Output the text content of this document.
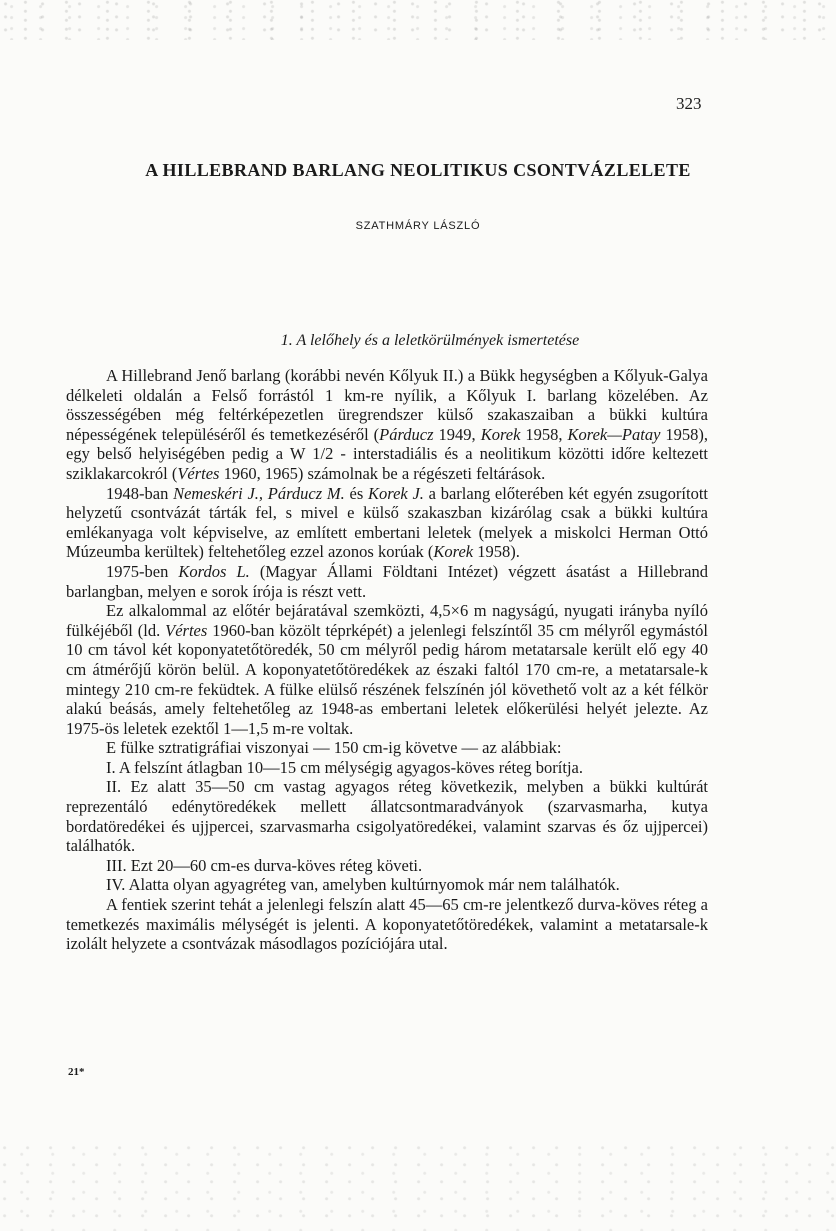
323
A HILLEBRAND BARLANG NEOLITIKUS CSONTVÁZLELETE
SZATHMÁRY LÁSZLÓ
1. A lelőhely és a leletkörülmények ismertetése

A Hillebrand Jenő barlang (korábbi nevén Kőlyuk II.) a Bükk hegységben a Kőlyuk-Galya délkeleti oldalán a Felső forrástól 1 km-re nyílik, a Kőlyuk I. barlang közelében. Az összességében még feltérképezetlen üregrendszer külső szakaszaiban a bükki kultúra népességének településéről és temetkezéséről (Párducz 1949, Korek 1958, Korek—Patay 1958), egy belső helyiségében pedig a W 1/2 - interstadiális és a neolitikum közötti időre keltezett sziklakarcokról (Vértes 1960, 1965) számolnak be a régészeti feltárások.

1948-ban Nemeskéri J., Párducz M. és Korek J. a barlang előterében két egyén zsugorított helyzetű csontvázát tárták fel, s mivel e külső szakaszban kizárólag csak a bükki kultúra emlékanyaga volt képviselve, az említett embertani leletek (melyek a miskolci Herman Ottó Múzeumba kerültek) feltehetőleg ezzel azonos korúak (Korek 1958).

1975-ben Kordos L. (Magyar Állami Földtani Intézet) végzett ásatást a Hillebrand barlangban, melyen e sorok írója is részt vett.

Ez alkalommal az előtér bejáratával szemközti, 4,5×6 m nagyságú, nyugati irányba nyíló fülkéjéből (ld. Vértes 1960-ban közölt téprképét) a jelenlegi felszíntől 35 cm mélyről egymástól 10 cm távol két koponyatetőtöredék, 50 cm mélyről pedig három metatarsale került elő egy 40 cm átmérőjű körön belül. A koponyatetőtöredékek az északi faltól 170 cm-re, a metatarsale-k mintegy 210 cm-re feküdtek. A fülke elülső részének felszínén jól követhető volt az a két félkör alakú beásás, amely feltehetőleg az 1948-as embertani leletek előkerülési helyét jelezte. Az 1975-ös leletek ezektől 1—1,5 m-re voltak.

E fülke sztratigráfiai viszonyai — 150 cm-ig követve — az alábbiak:

I. A felszínt átlagban 10—15 cm mélységig agyagos-köves réteg borítja.

II. Ez alatt 35—50 cm vastag agyagos réteg következik, melyben a bükki kultúrát reprezentáló edénytöredékek mellett állatcsontmaradványok (szarvasmarha, kutya bordatöredékei és ujjpercei, szarvasmarha csigolyatöredékei, valamint szarvas és őz ujjpercei) találhatók.

III. Ezt 20—60 cm-es durva-köves réteg követi.

IV. Alatta olyan agyagréteg van, amelyben kultúrnyomok már nem találhatók.

A fentiek szerint tehát a jelenlegi felszín alatt 45—65 cm-re jelentkező durva-köves réteg a temetkezés maximális mélységét is jelenti. A koponyatetőtöredékek, valamint a metatarsale-k izolált helyzete a csontvázak másodlagos pozíciójára utal.

21*
